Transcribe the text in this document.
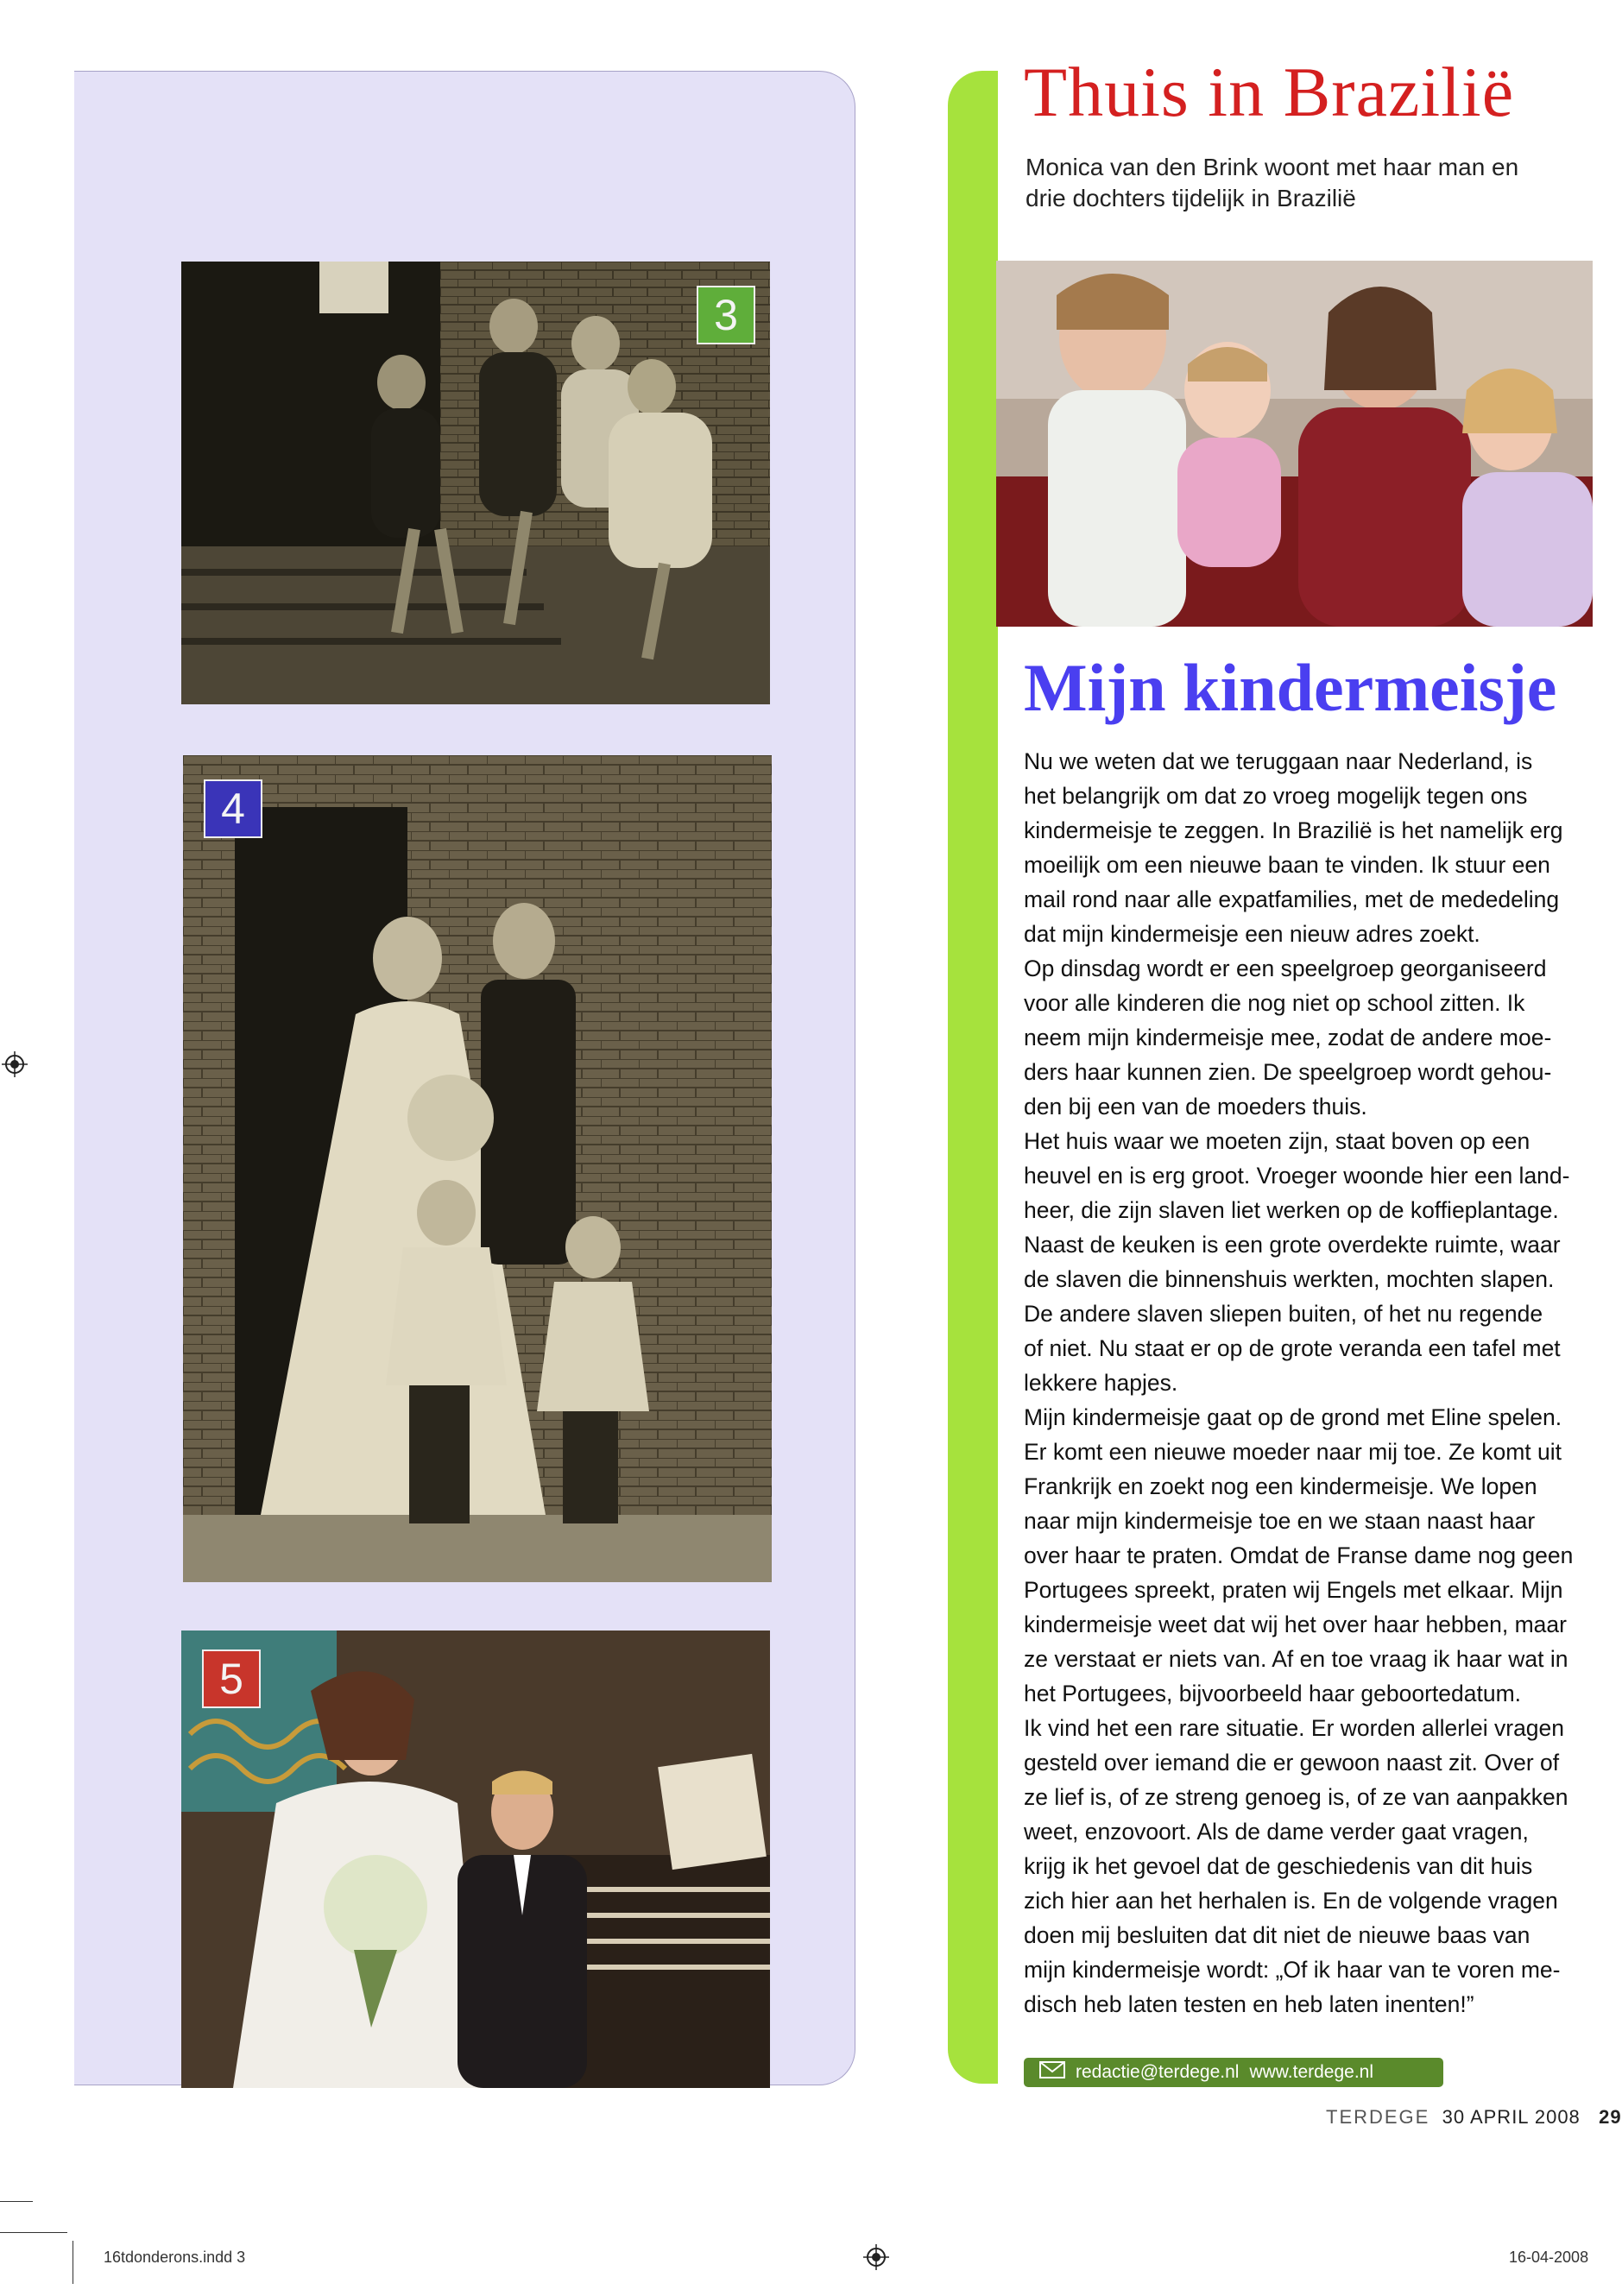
3
4
5
Thuis in Brazilië
Monica van den Brink woont met haar man en drie dochters tijdelijk in Brazilië
Mijn kindermeisje

Nu we weten dat we teruggaan naar Nederland, is

het belangrijk om dat zo vroeg mogelijk tegen ons

kindermeisje te zeggen. In Brazilië is het namelijk erg

moeilijk om een nieuwe baan te vinden. Ik stuur een

mail rond naar alle expatfamilies, met de mededeling

dat mijn kindermeisje een nieuw adres zoekt.

Op dinsdag wordt er een speelgroep georganiseerd

voor alle kinderen die nog niet op school zitten. Ik

neem mijn kindermeisje mee, zodat de andere moe-

ders haar kunnen zien. De speelgroep wordt gehou-

den bij een van de moeders thuis.

Het huis waar we moeten zijn, staat boven op een

heuvel en is erg groot. Vroeger woonde hier een land-

heer, die zijn slaven liet werken op de koffieplantage.

Naast de keuken is een grote overdekte ruimte, waar

de slaven die binnenshuis werkten, mochten slapen.

De andere slaven sliepen buiten, of het nu regende

of niet. Nu staat er op de grote veranda een tafel met

lekkere hapjes.

Mijn kindermeisje gaat op de grond met Eline spelen.

Er komt een nieuwe moeder naar mij toe. Ze komt uit

Frankrijk en zoekt nog een kindermeisje. We lopen

naar mijn kindermeisje toe en we staan naast haar

over haar te praten. Omdat de Franse dame nog geen

Portugees spreekt, praten wij Engels met elkaar. Mijn

kindermeisje weet dat wij het over haar hebben, maar

ze verstaat er niets van. Af en toe vraag ik haar wat in

het Portugees, bijvoorbeeld haar geboortedatum.

Ik vind het een rare situatie. Er worden allerlei vragen

gesteld over iemand die er gewoon naast zit. Over of

ze lief is, of ze streng genoeg is, of ze van aanpakken

weet, enzovoort. Als de dame verder gaat vragen,

krijg ik het gevoel dat de geschiedenis van dit huis

zich hier aan het herhalen is. En de volgende vragen

doen mij besluiten dat dit niet de nieuwe baas van

mijn kindermeisje wordt: „Of ik haar van te voren me-

disch heb laten testen en heb laten inenten!”

redactie@terdege.nl www.terdege.nl
TERDEGE 30 APRIL 2008 29
16tdonderons.indd 3	16-04-2008
